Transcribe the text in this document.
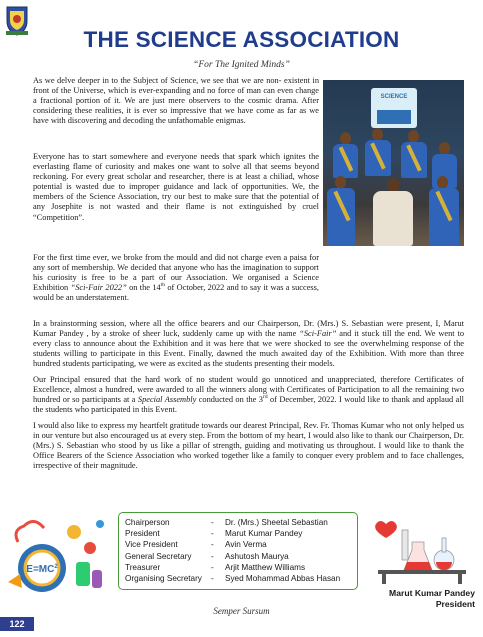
THE SCIENCE ASSOCIATION
“For The Ignited Minds”

As we delve deeper in to the Subject of Science, we see that we are non- existent in front of the Universe, which is ever-expanding and no force of man can even change a fractional portion of it. We are just mere observers to the cosmic drama. After considering these realities, it is ever so impressive that we have come as far as we have with discovering and decoding the unfathomable enigmas.

Everyone has to start somewhere and everyone needs that spark which ignites the everlasting flame of curiosity and makes one want to solve all that seems beyond reckoning. For every great scholar and researcher, there is at least a chiliad, whose potential is wasted due to improper guidance and lack of opportunities. We, the members of the Science Association, try our best to make sure that the potential of any Josephite is not wasted and their flame is not extinguished by cruel “Competition”.

For the first time ever, we broke from the mould and did not charge even a paisa for any sort of membership. We decided that anyone who has the imagination to support his curiosity is free to be a part of our Association. We organised a Science Exhibition “Sci-Fair 2022” on the 14th of October, 2022 and to say it was a success, would be an understatement.

In a brainstorming session, where all the office bearers and our Chairperson, Dr. (Mrs.) S. Sebastian were present, I, Marut Kumar Pandey , by a stroke of sheer luck, suddenly came up with the name “Sci-Fair” and it stuck till the end. We went to every class to announce about the Exhibition and it was here that we were shocked to see the overwhelming response of the students willing to participate in this Event. Finally, dawned the much awaited day of the Exhibition. With more than three hundred students participating, we were as excited as the students presenting their models.

Our Principal ensured that the hard work of no student would go unnoticed and unappreciated, therefore Certificates of Excellence, almost a hundred, were awarded to all the winners along with Certificates of Participation to all the remaining two hundred or so participants at a Special Assembly conducted on the 3rd of December, 2022. I would like to thank and applaud all the students who participated in this Event.

I would also like to express my heartfelt gratitude towards our dearest Principal, Rev. Fr. Thomas Kumar who not only helped us in our venture but also encouraged us at every step. From the bottom of my heart, I would also like to thank our Chairperson, Dr. (Mrs.) S. Sebastian who stood by us like a pillar of strength, guiding and motivating us throughout. I would like to thank the Office Bearers of the Science Association who worked together like a family to conquer every problem and to face challenges, irrespective of their magnitude.

SCIENCE
$E=MC^2$
Chairperson	-	Dr. (Mrs.) Sheetal Sebastian
President	-	Marut Kumar Pandey
Vice President	-	Avin Verma
General Secretary	-	Ashutosh Maurya
Treasurer	-	Arjit Matthew Williams
Organising Secretary	-	Syed Mohammad Abbas Hasan
Marut Kumar Pandey
President
Semper Sursum
122
